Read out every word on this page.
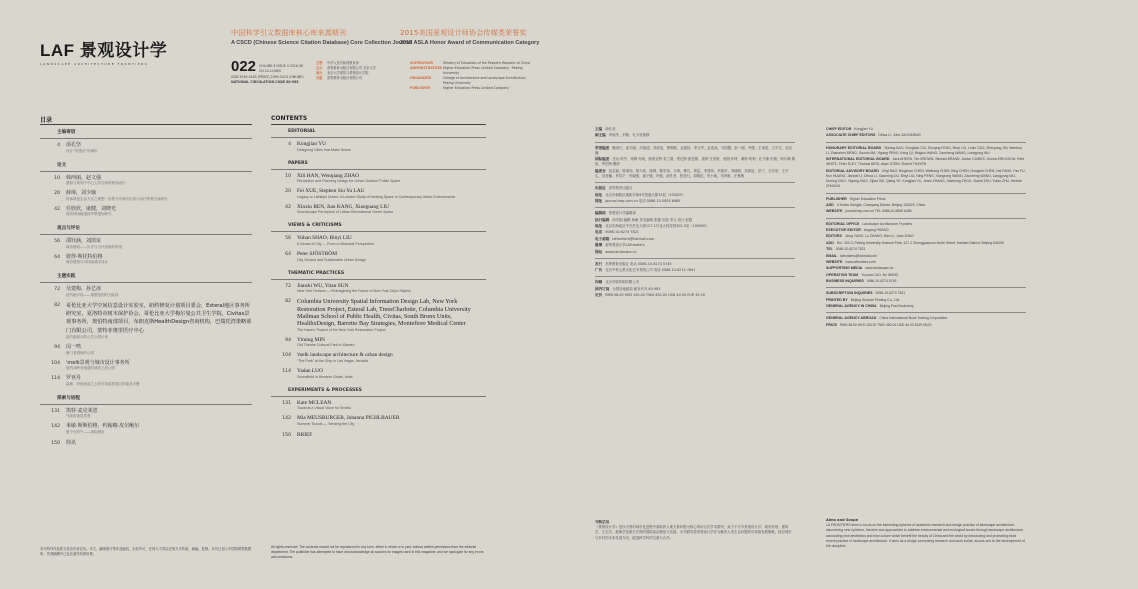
LAF 景观设计学
LANDSCAPE ARCHITECTURE FRONTIERS
中国科学引文数据库核心库来源期刊
A CSCD (Chinese Science Citation Database) Core Collection Journal
2015美国景观设计师协会传媒类荣誉奖
2015 ASLA Honor Award of Communication Category
022 VOLUME 4 ISSUE 4 2016.08
CN 10-1108/S
ISSN 2095-5405 (PRINT) 2095-5413 (ONLINE)
NATIONAL CIRCULATION CODE 80-983
主管	中华人民共和国教育部
主办	高等教育出版社有限公司 北京大学
承办	北京大学建筑与景观设计学院
出版	高等教育出版社有限公司
SUPERVISOR	Ministry of Education of the People's Republic of China
ADMINISTRATORS Higher Education Press Limited Company · Peking University
ORGANIZER	College of Architecture and Landscape Architecture, Peking University
PUBLISHER	Higher Education Press Limited Company
目录
主编寄语
4 俞孔坚
设计“有感官”的城市
论文
10 韩西丽，赵文强
感知与规划于中心公共空间的规划设计
20 薛璋，刘少瑜
传承或是生活方式之理想：伦敦当代城市长春与治疗景观空间研究
42 任欣欣，康健，刘晓光
城市休闲街道的声景感知研究
观点与评论
56 邵钰涵，刘滨谊
城市感知——历史与当代视角的审视
64 彼得·斯托特伯格
城市感知与可持续城市设计
主题实践
72 吴建梅，孙艺冰
纽约地平线——重塑纽约的天际线
82 哥伦比亚大学空间信息设计实验室，纽约修复计划项目委会，Esteral地区事务所研究室，夏洛特市树木保护协会，哥伦比亚大学梅尔曼公共卫生学院，Civitas景观事务所，奥伯特南部项目，布朗克斯HealthDesign咨询机构，巴瑞托湾策略部门有限公司，蒙特菲奥里医疗中心
纽约港展示的公共公园计划
94 闵一鸣
厦门老城里的公园
104 'melk景观与城市设计事务所
纽约冰岭有街道的城市之滨公园
114 罗亚丹
森林、印度西部之上的可持续发展区的南北平衡
探索与进程
131 凯特·麦克莱恩
气味的视觉景观
142 米敏·斯斯伯格，约翰娜·皮尔鲍尔
夏令日的午——周际城市
150 简讯
本刊所刊作品的文责由作者自负。年文、翻译图片等作品版权，未经许可，任何人不得以任何方式转载、摘编、复制。本刊已加入中国知网等数据库，作者稿酬中已包含著作权使用费。
CONTENTS
EDITORIAL
4 Kongjian YU
Designing Cities that Make Sense
PAPERS
10 Xili HAN, Wenqiang ZHAO
Perception and Planning Design for Urban Outdoor Public Space
20 Fei XUE, Stephen Siu Yu LAU
Legacy or Lifestyle Driven: A London Study of Healing Space in Contemporary Urban Environments
42 Xinxin REN, Jian KANG, Xiaoguang LIU
Soundscape Perception of Urban Recreational Green Space
VIEWS & CRITICISMS
56 Yuhan SHAO, Binyi LIU
A Sense of City — From a Historical Perspective
64 Peter SJÖSTRÖM
City Senses and Sustainable Urban Design
THEMATIC PRACTICES
72 Jianshi WU, Yitan SUN
New York Horizon — Reimagining the Future of New York City's Skyline
82 Columbia University Spatial Information Design Lab, New York Restoration Project, Esteral Lab, TreesCharlotte, Columbia University Mailman School of Public Health, Civitas, South Bronx Units, HealthxDesign, Barretto Bay Strategies, Montefiore Medical Center
The Haven: Project of the New York Restoration Project
94 Yiming MIN
Old Theatre Cultural Park in Xiamen
104 'melk landscape architecture & urban design
“The Park” at the Ship in Las Vegas, Nevada
114 Yadan LUO
Soundfield in Western Ghats, India
EXPERIMENTS & PROCESSES
131 Kate MCLEAN
Towards a Visual Voice for Smells
142 Mia MEUSBURGER, Johanna PICHLBAUER
Summer Scouts — Sensing the City
150 BRIEF
All rights reserved. The contents should not be reproduced in any form, either in whole or in part, without written permission from the editorial department. The publisher has attempted to trace and acknowledge all sources for images used in this magazine, and we apologize for any errors and omissions.
主编 俞孔坚
副主编 李迪华，封敏，扎卡里奥斯
荣誉编委 鲍世行，崔功豪，冯淑清，刘滨谊，曹利敏，金振扬，李文华，孟兆祯，马国馨，彭一刚，齐康，王秉洛，王早生，吴良镛
国际编委 杰克·埃亨，蒂姆·布朗，斯图亚特·布兰德，贾尼斯·凯恩斯，唐纳·艾伯斯，里德·怀特，佩特·埃利，托马斯·伯德，阿尔佩·斯坦，罗伯特·撒耶
编委会 包志毅，陈秉钊，陈为邦，陈炳，陈宏伟，方海，傅凡，黄昆，李建伟，李迪华，刘晓明，刘滨谊，彭宁，王向荣，王早生，吴良镛，肖笃宁，肖毅强，谢子健，叶强，俞孔坚，张晋石，周晓虹，朱小地，朱育帆，庄惟敏
出版社 高等教育出版社
地址 北京市朝阳区惠新东街4号富盛大厦15层（100029）
网址 journal.hep.com.cn 电话 0086-10-5855 6485
编辑部 景观设计学编辑部
执行编辑 尚安刚 编辑 杨炯 美术编辑 张璐 出版 李文 设计 赵娟
地址 北京市海淀区中关村北大街127-1号北大科技园302-3室（100080）
电话 0086-10-6274 7821
电子邮箱 lafrontiers@hotmail.com
微博 @景观设计学LAFrontiers
网站 www.landscape.cn
发行 高等教育出版社 电话 0086-10-6274 5745
广告 北京中科云景文化艺术有限公司 电话 0086-10-6274 7841
印刷 北京华联印刷有限公司
国内订阅 全国各地邮局 邮发代号 80-983
定价 RMB 58.00 HKD 100.00 TWD 450.00 USD 40.00 EUR 35.00
刊物宗旨
《景观设计学》是以中国的城市化进程中面临的人地关系问题为核心的综合性学术期刊，致力于分享景观设计学、城市规划、建筑学、生态学、地理学及相关学科的国际前沿理论与实践。本刊倡导将景观设计学作为解决人类生存问题的可持续发展策略，探讨城市与乡村的未来发展方向，促进跨学科的交流与合作。
CHIEF EDITOR Kongjian YU
ASSOCIATE CHIEF EDITORS Dihua LI, John ZACHARIAS
HONORARY EDITORIAL BOARD Shixing BAO, Gonghao CUI, Shuqing FENG, Binyi LIU, Limin CAO, Zhenyang JIN, Wenhua LI, Zhaozhen MENG, Guoxin MA, Yigang PENG, Kang QI, Bingluo WANG, Zaosheng WANG, Liangyong WU
INTERNATIONAL EDITORIAL BOARD Jack AHERN, Tim BROWN, Stewart BRAND, Janice CAINES, Donna ERICKSON, Reid WHITE, Peter ELEY, Thomas BIRD, Alper STEIN, Robert THAYER
EDITORIAL ADVISORY BOARD Zhiyi BAO, Bingzhao CHEN, Weibang CHEN, Bing CHEN, Hongwei CHEN, Hai FANG, Fan FU, Kun HUANG, Jianwei LI, Dihua LI, Xiaoming LIU, Binyi LIU, Ning PENG, Xiangrong WANG, Zaosheng WANG, Liangyong WU, Duning XIAO, Yiqiang XIAO, Zijian XIE, Qiang YE, Kongjian YU, Jinshi ZHANG, Xiaohong ZHOU, Xiaodi ZHU, Yufan ZHU, Weimin ZHUANG
PUBLISHER Higher Education Press
ADD 4 Huixin Dongjie, Chaoyang District, Beijing 100029, China
WEBSITE journal.hep.com.cn TEL 0086-10-5855 6485
EDITORIAL OFFICE Landscape Architecture Frontiers
EXECUTIVE EDITOR Angang SHANG
EDITORS Jiong YANG, Lu ZHANG, Wen LI, Juan ZHAO
ADD Rm. 302-3, Peking University Science Park, 127-1 Zhongguancun North Street, Haidian District, Beijing 100080
TEL 0086-10-6274 7821
EMAIL lafrontiers@hotmail.com
WEBSITE www.lafrontiers.com
SUPPORTING MEDIA www.landscape.cn
OPERATION TEAM Yuxuan CAO, Bo WANG
BUSINESS INQUIRIES 0086-10-6274 5745
SUBSCRIPTION INQUIRIES 0086-10-6274 7841
PRINTED BY Beijing Huanan Printing Co., Ltd.
GENERAL AGENCY IN CHINA Beijing Post Bookshop
GENERAL AGENCY ABROAD China International Book Trading Corporation
PRICE RMB 58.00 HKD 100.00 TWD 450.00 USD 40.00 EUR 35.00
Aims and Scope
LA FRONTIERS aims to focus on the interesting spheres of academic research and design practice of landscape architecture, discovering new opinions, theories and approaches to address environmental and ecological issues through landscape architecture, advocating new aesthetics and new culture which benefit the beauty of China and the world by introducing and promoting most recent practice of landscape architecture. It aims as a bridge connecting research and work inside, across and to the development of the discipline.
